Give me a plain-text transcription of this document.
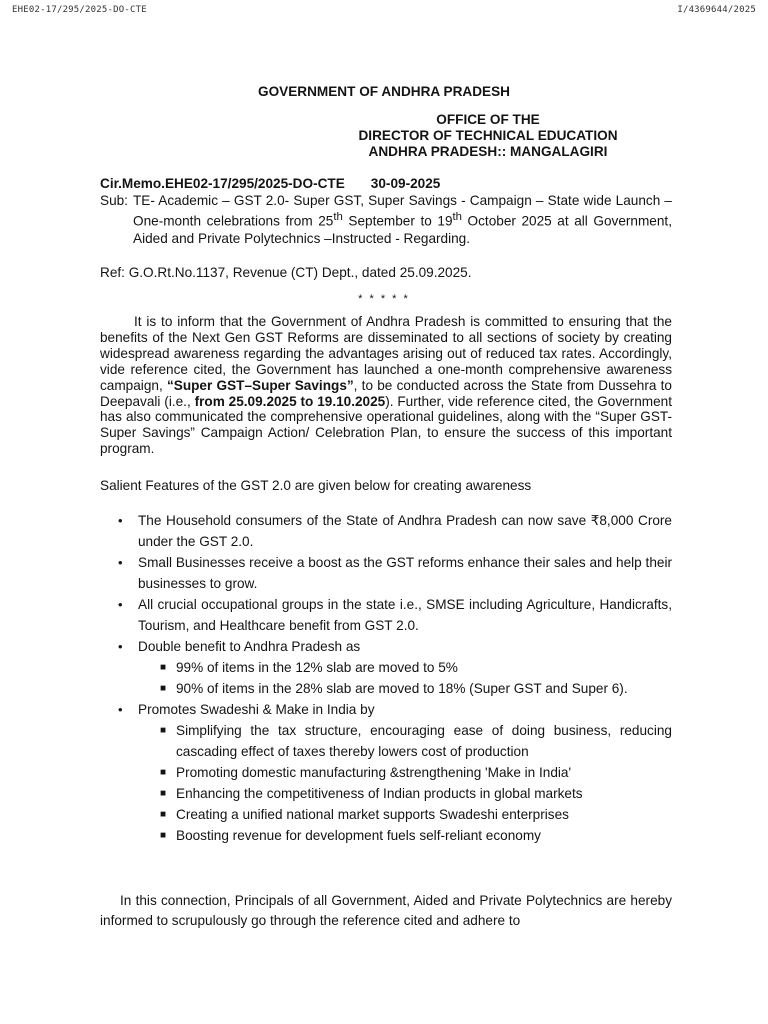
EHE02-17/295/2025-DO-CTE	I/4369644/2025
GOVERNMENT OF ANDHRA PRADESH
OFFICE OF THE
DIRECTOR OF TECHNICAL EDUCATION
ANDHRA PRADESH:: MANGALAGIRI
Cir.Memo.EHE02-17/295/2025-DO-CTE 30-09-2025
Sub: TE- Academic – GST 2.0- Super GST, Super Savings - Campaign – State wide Launch –One-month celebrations from 25th September to 19th October 2025 at all Government, Aided and Private Polytechnics –Instructed - Regarding.
Ref: G.O.Rt.No.1137, Revenue (CT) Dept., dated 25.09.2025.
* * * * *
It is to inform that the Government of Andhra Pradesh is committed to ensuring that the benefits of the Next Gen GST Reforms are disseminated to all sections of society by creating widespread awareness regarding the advantages arising out of reduced tax rates. Accordingly, vide reference cited, the Government has launched a one-month comprehensive awareness campaign, “Super GST–Super Savings”, to be conducted across the State from Dussehra to Deepavali (i.e., from 25.09.2025 to 19.10.2025). Further, vide reference cited, the Government has also communicated the comprehensive operational guidelines, along with the “Super GST-Super Savings” Campaign Action/ Celebration Plan, to ensure the success of this important program.
Salient Features of the GST 2.0 are given below for creating awareness
• The Household consumers of the State of Andhra Pradesh can now save ₹8,000 Crore under the GST 2.0.
• Small Businesses receive a boost as the GST reforms enhance their sales and help their businesses to grow.
• All crucial occupational groups in the state i.e., SMSE including Agriculture, Handicrafts, Tourism, and Healthcare benefit from GST 2.0.
• Double benefit to Andhra Pradesh as
■ 99% of items in the 12% slab are moved to 5%
■ 90% of items in the 28% slab are moved to 18% (Super GST and Super 6).
• Promotes Swadeshi & Make in India by
■ Simplifying the tax structure, encouraging ease of doing business, reducing cascading effect of taxes thereby lowers cost of production
■ Promoting domestic manufacturing &strengthening 'Make in India'
■ Enhancing the competitiveness of Indian products in global markets
■ Creating a unified national market supports Swadeshi enterprises
■ Boosting revenue for development fuels self-reliant economy
In this connection, Principals of all Government, Aided and Private Polytechnics are hereby informed to scrupulously go through the reference cited and adhere to
